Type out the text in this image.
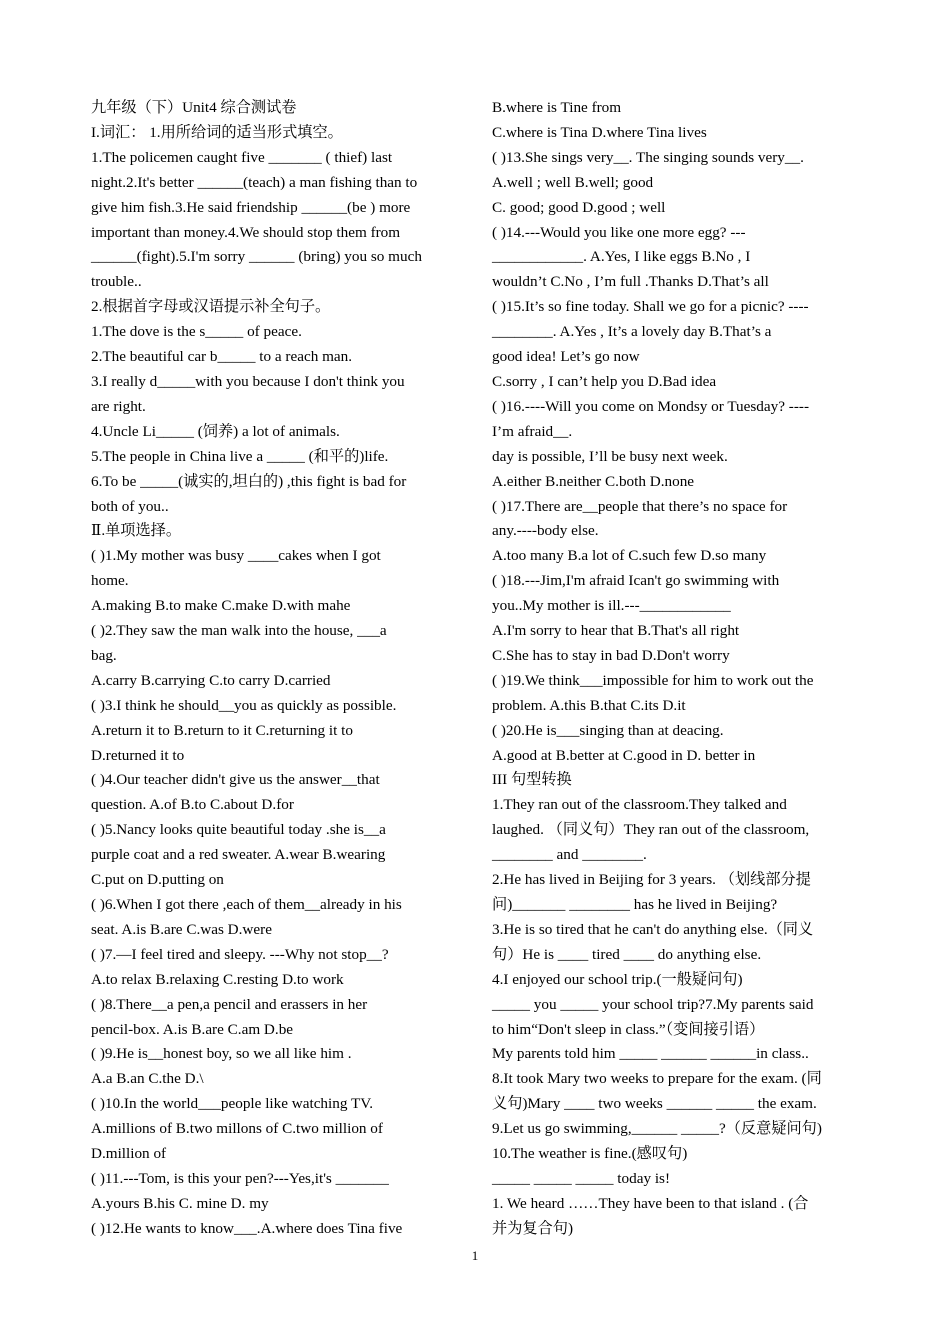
九年级（下）Unit4 综合测试卷
I.词汇： 1.用所给词的适当形式填空。
1.The policemen caught five _______ ( thief) last
night.2.It's better ______(teach) a man fishing than to
give him fish.3.He said friendship ______(be ) more
important than money.4.We should stop them from
______(fight).5.I'm sorry ______ (bring) you so much
trouble..
2.根据首字母或汉语提示补全句子。
1.The dove is the s_____ of peace.
2.The beautiful car b_____ to a reach man.
3.I really d_____with you because I don't think you
are right.
4.Uncle Li_____ (饲养) a lot of animals.
5.The people in China live a _____ (和平的)life.
6.To be _____(诚实的,坦白的) ,this fight is bad for
both of you..
Ⅱ.单项选择。
( )1.My mother was busy ____cakes when I got
home.
A.making B.to make C.make D.with mahe
( )2.They saw the man walk into the house, ___a
bag.
A.carry B.carrying C.to carry D.carried
( )3.I think he should__you as quickly as possible.
A.return it to B.return to it C.returning it to
D.returned it to
( )4.Our teacher didn't give us the answer__that
question. A.of B.to C.about D.for
( )5.Nancy looks quite beautiful today .she is__a
purple coat and a red sweater. A.wear B.wearing
C.put on D.putting on
( )6.When I got there ,each of them__already in his
seat. A.is B.are C.was D.were
( )7.—I feel tired and sleepy. ---Why not stop__?
A.to relax B.relaxing C.resting D.to work
( )8.There__a pen,a pencil and erassers in her
pencil-box. A.is B.are C.am D.be
( )9.He is__honest boy, so we all like him .
A.a B.an C.the D.\
( )10.In the world___people like watching TV.
A.millions of B.two millons of C.two million of
D.million of
( )11.---Tom, is this your pen?---Yes,it's _______
A.yours B.his C. mine D. my
( )12.He wants to know___.A.where does Tina five
B.where is Tine from
C.where is Tina D.where Tina lives
( )13.She sings very__. The singing sounds very__.
A.well ; well B.well; good
C. good; good D.good ; well
( )14.---Would you like one more egg? ---
____________. A.Yes, I like eggs B.No , I
wouldn’t C.No , I’m full .Thanks D.That’s all
( )15.It’s so fine today. Shall we go for a picnic? ----
________. A.Yes , It’s a lovely day B.That’s a
good idea! Let’s go now
C.sorry , I can’t help you D.Bad idea
( )16.----Will you come on Mondsy or Tuesday? ----
I’m afraid__.
day is possible, I’ll be busy next week.
A.either B.neither C.both D.none
( )17.There are__people that there’s no space for
any.----body else.
A.too many B.a lot of C.such few D.so many
( )18.---Jim,I'm afraid Ican't go swimming with
you..My mother is ill.---____________
A.I'm sorry to hear that B.That's all right
C.She has to stay in bad D.Don't worry
( )19.We think___impossible for him to work out the
problem. A.this B.that C.its D.it
( )20.He is___singing than at deacing.
A.good at B.better at C.good in D. better in
III 句型转换
1.They ran out of the classroom.They talked and
laughed. （同义句）They ran out of the classroom,
________ and ________.
2.He has lived in Beijing for 3 years. （划线部分提
问)_______ ________ has he lived in Beijing?
3.He is so tired that he can't do anything else.（同义
句）He is ____ tired ____ do anything else.
4.I enjoyed our school trip.(一般疑问句)
_____ you _____ your school trip?7.My parents said
to him“Don't sleep in class.”（变间接引语）
My parents told him _____ ______ ______in class..
8.It took Mary two weeks to prepare for the exam. (同
义句)Mary ____ two weeks ______ _____ the exam.
9.Let us go swimming,______ _____?（反意疑问句)
10.The weather is fine.(感叹句)
_____ _____ _____ today is!
1. We heard ……They have been to that island . (合
并为复合句)
1
